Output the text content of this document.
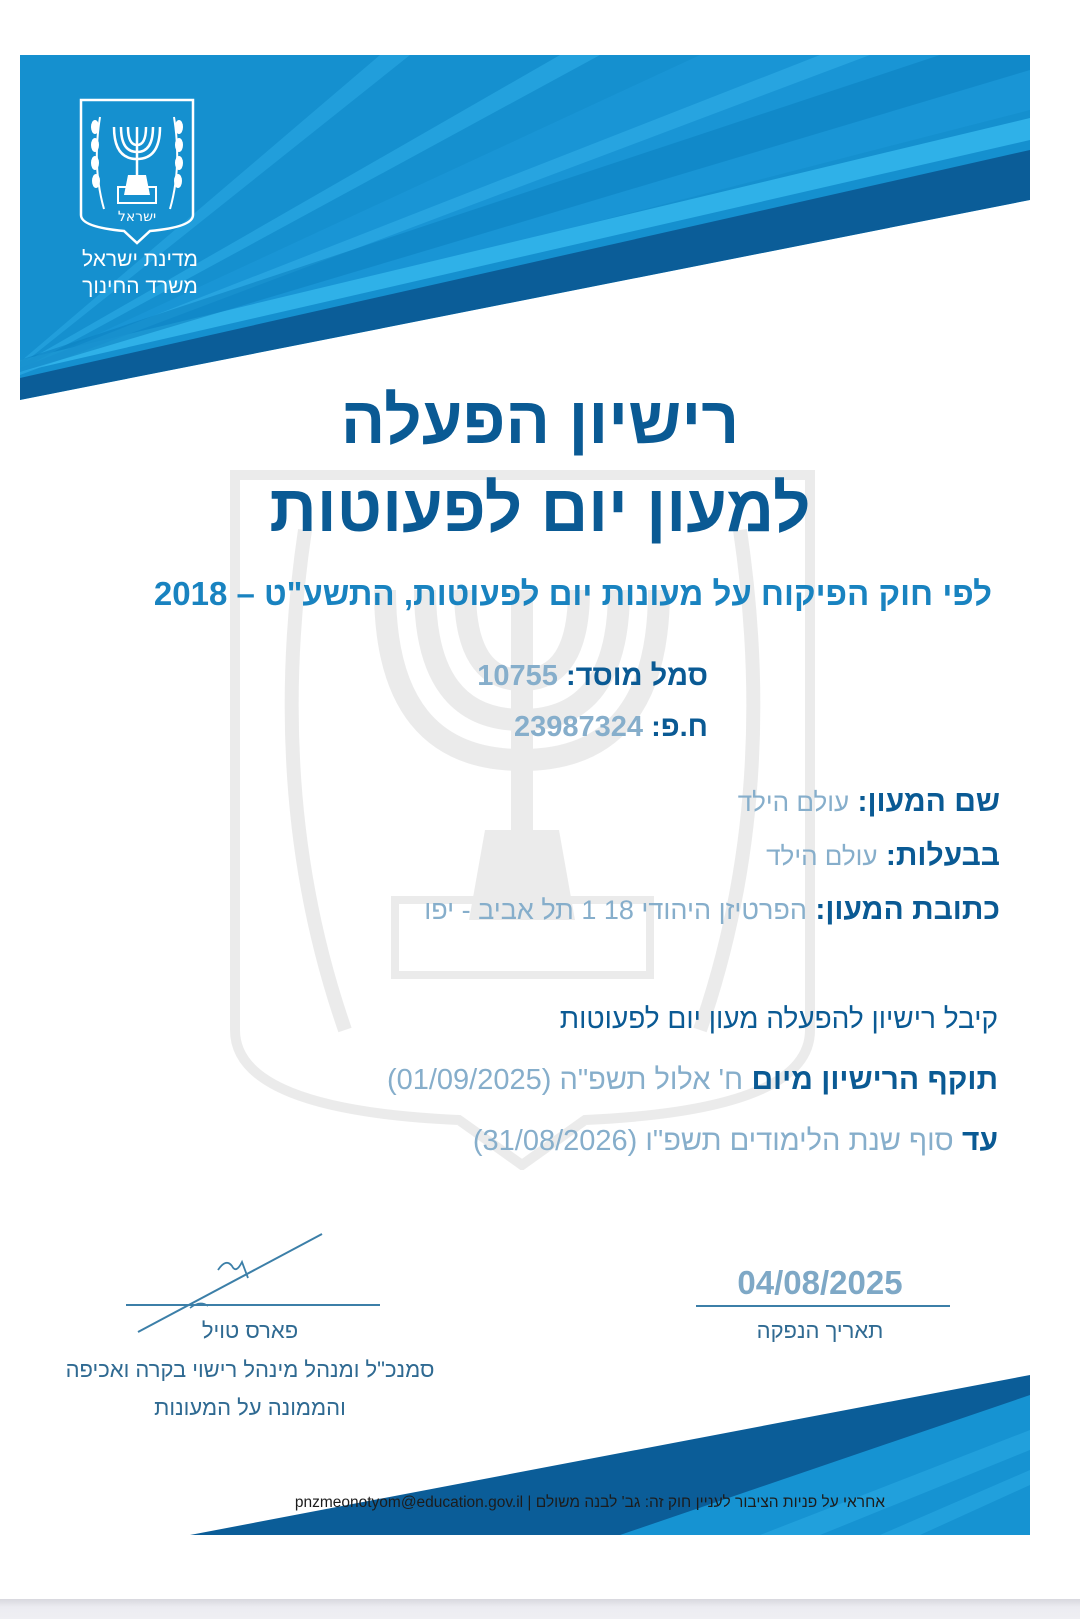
ישראל
מדינת ישראל
משרד החינוך
רישיון הפעלה
למעון יום לפעוטות
לפי חוק הפיקוח על מעונות יום לפעוטות, התשע"ט – 2018
סמל מוסד: 10755
ח.פ: 23987324
שם המעון: עולם הילד
בבעלות: עולם הילד
כתובת המעון: הפרטיזן היהודי 18 1 תל אביב - יפו
קיבל רישיון להפעלה מעון יום לפעוטות
תוקף הרישיון מיום ח' אלול תשפ"ה (01/09/2025)
עד סוף שנת הלימודים תשפ"ו (31/08/2026)
פארס טויל
סמנכ"ל ומנהל מינהל רישוי בקרה ואכיפה
והממונה על המעונות
04/08/2025
תאריך הנפקה
אחראי על פניות הציבור לעניין חוק זה: גב' לבנה משולם | pnzmeonotyom@education.gov.il
